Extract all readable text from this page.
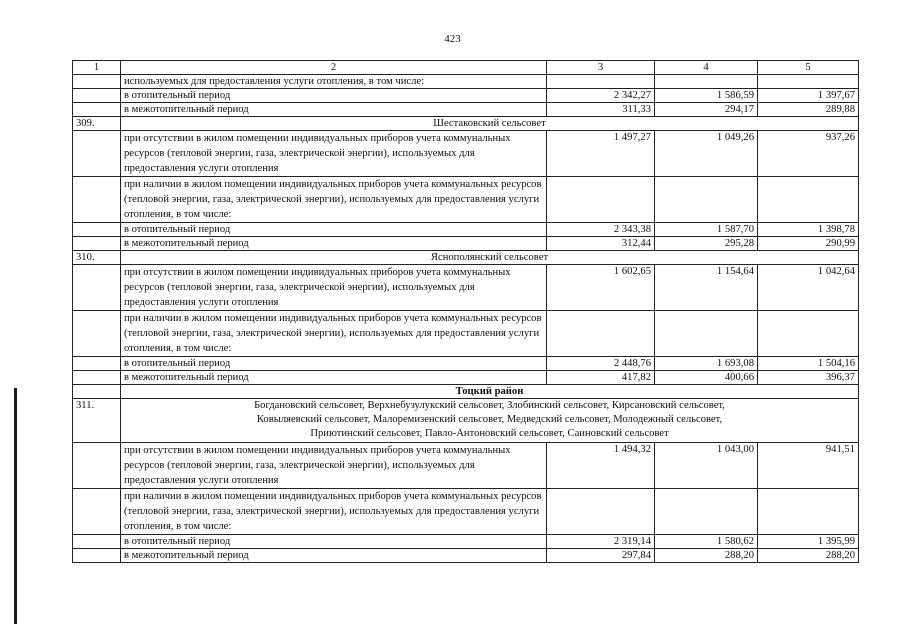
423
1	2	3	4	5
	используемых для предоставления услуги отопления, в том числе:			
	в отопительный период	2 342,27	1 586,59	1 397,67
	в межотопительный период	311,33	294,17	289,88
309.	Шестаковский сельсовет			
	при отсутствии в жилом помещении индивидуальных приборов учета коммунальных ресурсов (тепловой энергии, газа, электрической энергии), используемых для предоставления услуги отопления	1 497,27	1 049,26	937,26
	при наличии в жилом помещении индивидуальных приборов учета коммунальных ресурсов (тепловой энергии, газа, электрической энергии), используемых для предоставления услуги отопления, в том числе:			
	в отопительный период	2 343,38	1 587,70	1 398,78
	в межотопительный период	312,44	295,28	290,99
310.	Яснополянский сельсовет			
	при отсутствии в жилом помещении индивидуальных приборов учета коммунальных ресурсов (тепловой энергии, газа, электрической энергии), используемых для предоставления услуги отопления	1 602,65	1 154,64	1 042,64
	при наличии в жилом помещении индивидуальных приборов учета коммунальных ресурсов (тепловой энергии, газа, электрической энергии), используемых для предоставления услуги отопления, в том числе:			
	в отопительный период	2 448,76	1 693,08	1 504,16
	в межотопительный период	417,82	400,66	396,37
	Тоцкий район			
311.	Богдановский сельсовет, Верхнебузулукский сельсовет, Злобинский сельсовет, Кирсановский сельсовет,
Ковыляевский сельсовет, Малоремизенский сельсовет, Медведский сельсовет, Молодежный сельсовет,
Приютинский сельсовет, Павло-Антоновский сельсовет, Саиновский сельсовет			

	при отсутствии в жилом помещении индивидуальных приборов учета коммунальных ресурсов (тепловой энергии, газа, электрической энергии), используемых для предоставления услуги отопления	1 494,32	1 043,00	941,51
	при наличии в жилом помещении индивидуальных приборов учета коммунальных ресурсов (тепловой энергии, газа, электрической энергии), используемых для предоставления услуги отопления, в том числе:			
	в отопительный период	2 319,14	1 580,62	1 395,99
	в межотопительный период	297,84	288,20	288,20
